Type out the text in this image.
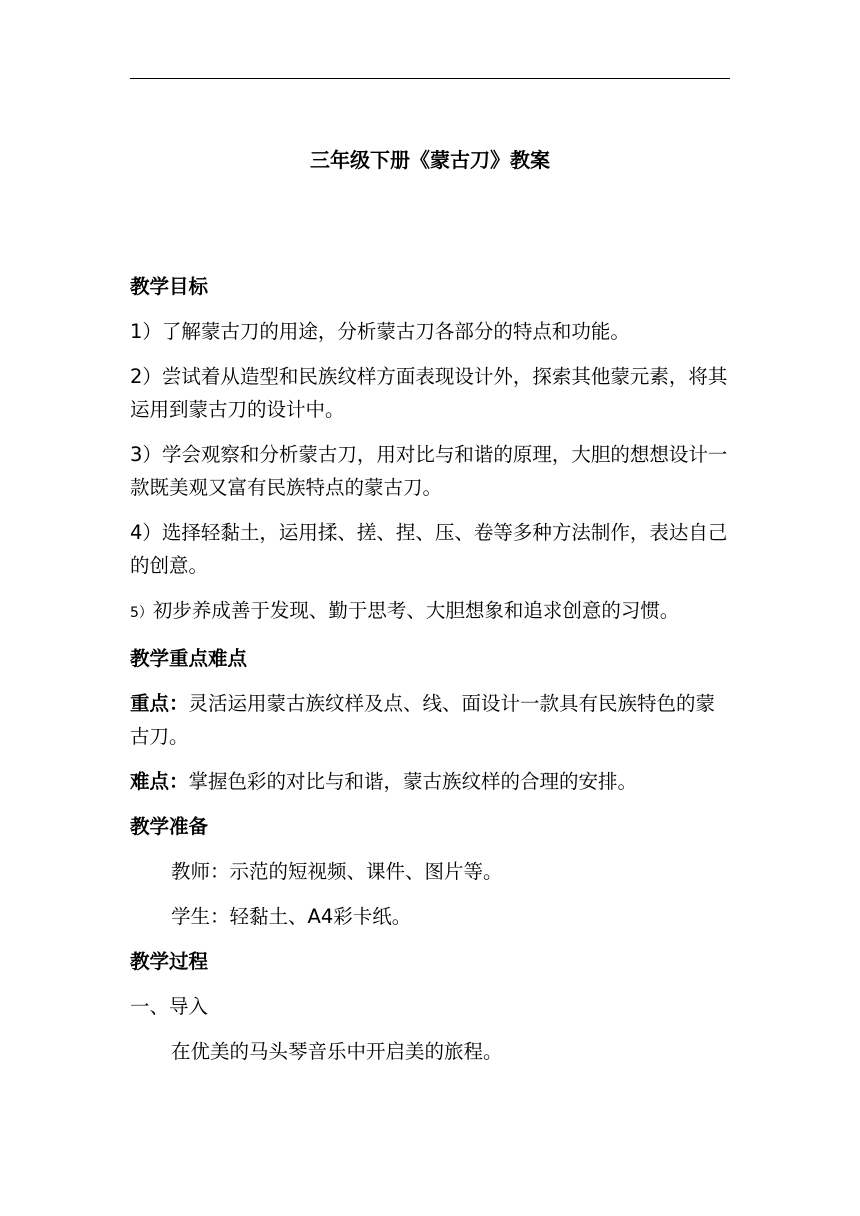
三年级下册《蒙古刀》教案
教学目标
1）了解蒙古刀的用途，分析蒙古刀各部分的特点和功能。
2）尝试着从造型和民族纹样方面表现设计外，探索其他蒙元素，将其运用到蒙古刀的设计中。
3）学会观察和分析蒙古刀，用对比与和谐的原理，大胆的想想设计一款既美观又富有民族特点的蒙古刀。
4）选择轻黏土，运用揉、搓、捏、压、卷等多种方法制作，表达自己的创意。
5）初步养成善于发现、勤于思考、大胆想象和追求创意的习惯。
教学重点难点
重点：灵活运用蒙古族纹样及点、线、面设计一款具有民族特色的蒙古刀。
难点：掌握色彩的对比与和谐，蒙古族纹样的合理的安排。
教学准备
教师：示范的短视频、课件、图片等。
学生：轻黏土、A4彩卡纸。
教学过程
一、导入
在优美的马头琴音乐中开启美的旅程。
